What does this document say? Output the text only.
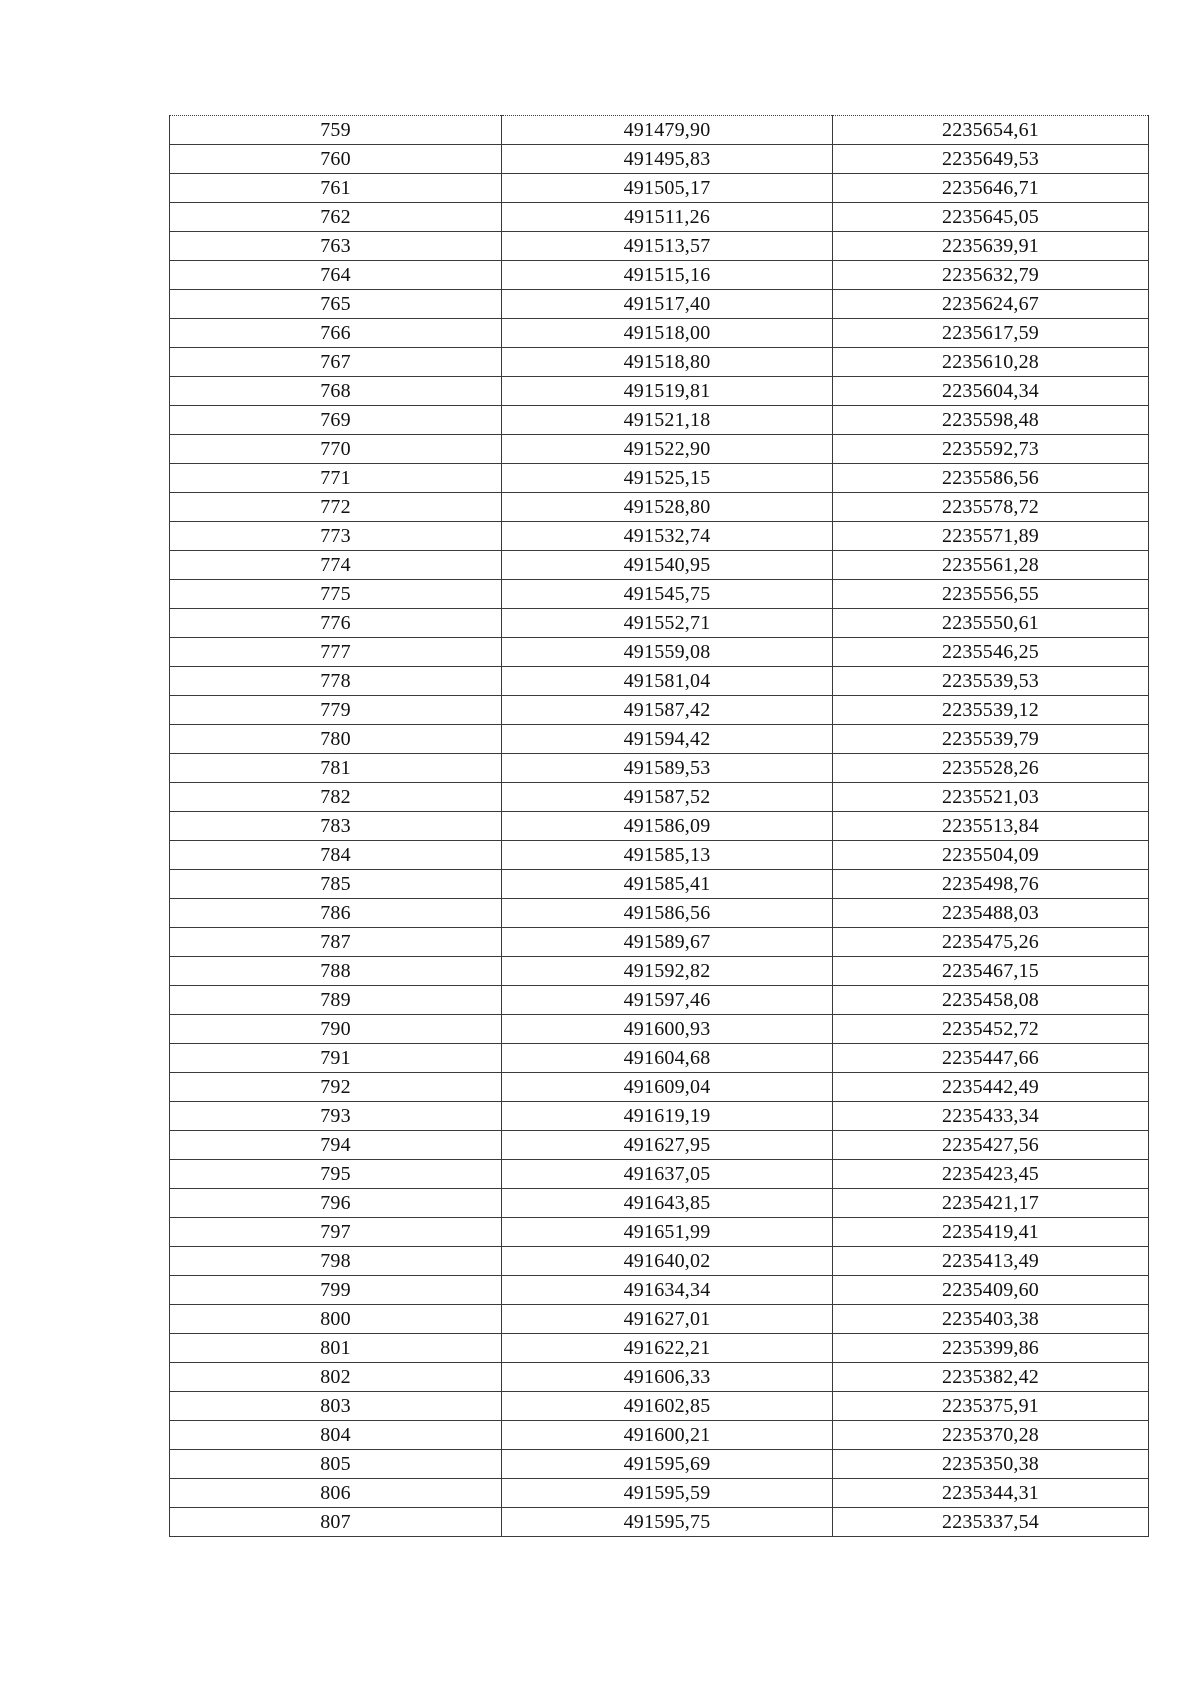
759	491479,90	2235654,61
760	491495,83	2235649,53
761	491505,17	2235646,71
762	491511,26	2235645,05
763	491513,57	2235639,91
764	491515,16	2235632,79
765	491517,40	2235624,67
766	491518,00	2235617,59
767	491518,80	2235610,28
768	491519,81	2235604,34
769	491521,18	2235598,48
770	491522,90	2235592,73
771	491525,15	2235586,56
772	491528,80	2235578,72
773	491532,74	2235571,89
774	491540,95	2235561,28
775	491545,75	2235556,55
776	491552,71	2235550,61
777	491559,08	2235546,25
778	491581,04	2235539,53
779	491587,42	2235539,12
780	491594,42	2235539,79
781	491589,53	2235528,26
782	491587,52	2235521,03
783	491586,09	2235513,84
784	491585,13	2235504,09
785	491585,41	2235498,76
786	491586,56	2235488,03
787	491589,67	2235475,26
788	491592,82	2235467,15
789	491597,46	2235458,08
790	491600,93	2235452,72
791	491604,68	2235447,66
792	491609,04	2235442,49
793	491619,19	2235433,34
794	491627,95	2235427,56
795	491637,05	2235423,45
796	491643,85	2235421,17
797	491651,99	2235419,41
798	491640,02	2235413,49
799	491634,34	2235409,60
800	491627,01	2235403,38
801	491622,21	2235399,86
802	491606,33	2235382,42
803	491602,85	2235375,91
804	491600,21	2235370,28
805	491595,69	2235350,38
806	491595,59	2235344,31
807	491595,75	2235337,54
